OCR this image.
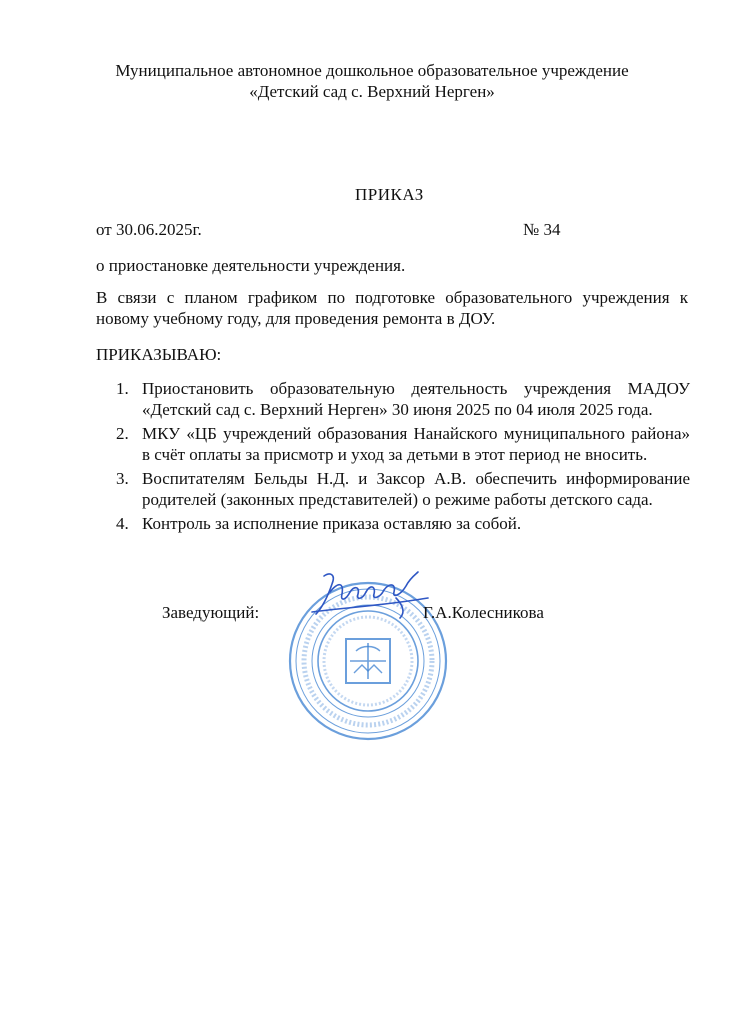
Муниципальное автономное дошкольное образовательное учреждение
«Детский сад с. Верхний Нерген»
ПРИКАЗ
от 30.06.2025г.	№ 34
о приостановке деятельности учреждения.
В связи с планом графиком по подготовке образовательного учреждения к новому учебному году, для проведения ремонта в ДОУ.
ПРИКАЗЫВАЮ:
1. Приостановить образовательную деятельность учреждения МАДОУ «Детский сад с. Верхний Нерген» 30 июня 2025 по 04 июля 2025 года.
2. МКУ «ЦБ учреждений образования Нанайского муниципального района» в счёт оплаты за присмотр и уход за детьми в этот период не вносить.
3. Воспитателям Бельды Н.Д. и Заксор А.В. обеспечить информирование родителей (законных представителей) о режиме работы детского сада.
4. Контроль за исполнение приказа оставляю за собой.
Заведующий:	Г.А.Колесникова
